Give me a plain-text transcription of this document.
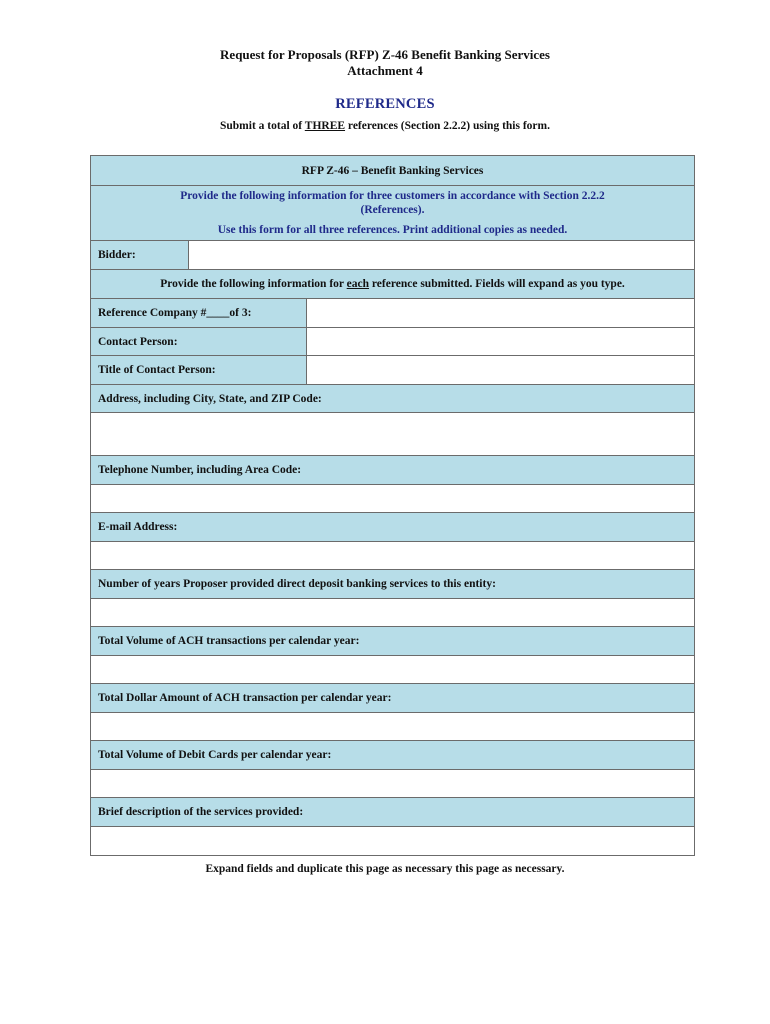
Request for Proposals (RFP) Z-46 Benefit Banking Services
Attachment 4
REFERENCES
Submit a total of THREE references (Section 2.2.2) using this form.
RFP Z-46 – Benefit Banking Services		

Provide the following information for three customers in accordance with Section 2.2.2 (References).
Use this form for all three references. Print additional copies as needed.		

Bidder:		
Provide the following information for each reference submitted. Fields will expand as you type.		
Reference Company #____of 3:		
Contact Person:		
Title of Contact Person:		
Address, including City, State, and ZIP Code:		

Telephone Number, including Area Code:		

E-mail Address:		

Number of years Proposer provided direct deposit banking services to this entity:		

Total Volume of ACH transactions per calendar year:		

Total Dollar Amount of ACH transaction per calendar year:		

Total Volume of Debit Cards per calendar year:		

Brief description of the services provided:		

Expand fields and duplicate this page as necessary this page as necessary.
